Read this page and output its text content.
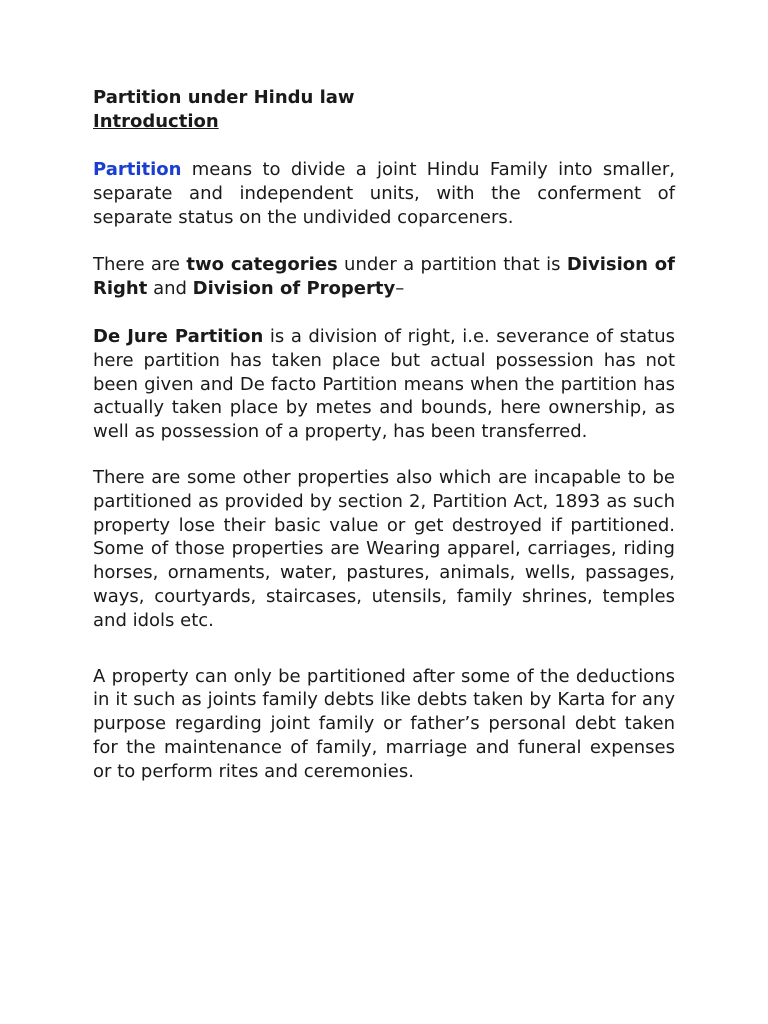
Partition under Hindu law
Introduction

Partition means to divide a joint Hindu Family into smaller, separate and independent units, with the conferment of separate status on the undivided coparceners.

There are two categories under a partition that is Division of Right and Division of Property–

De Jure Partition is a division of right, i.e. severance of status here partition has taken place but actual possession has not been given and De facto Partition means when the partition has actually taken place by metes and bounds, here ownership, as well as possession of a property, has been transferred.

There are some other properties also which are incapable to be partitioned as provided by section 2, Partition Act, 1893 as such property lose their basic value or get destroyed if partitioned. Some of those properties are Wearing apparel, carriages, riding horses, ornaments, water, pastures, animals, wells, passages, ways, courtyards, staircases, utensils, family shrines, temples and idols etc.

A property can only be partitioned after some of the deductions in it such as joints family debts like debts taken by Karta for any purpose regarding joint family or father’s personal debt taken for the maintenance of family, marriage and funeral expenses or to perform rites and ceremonies.
